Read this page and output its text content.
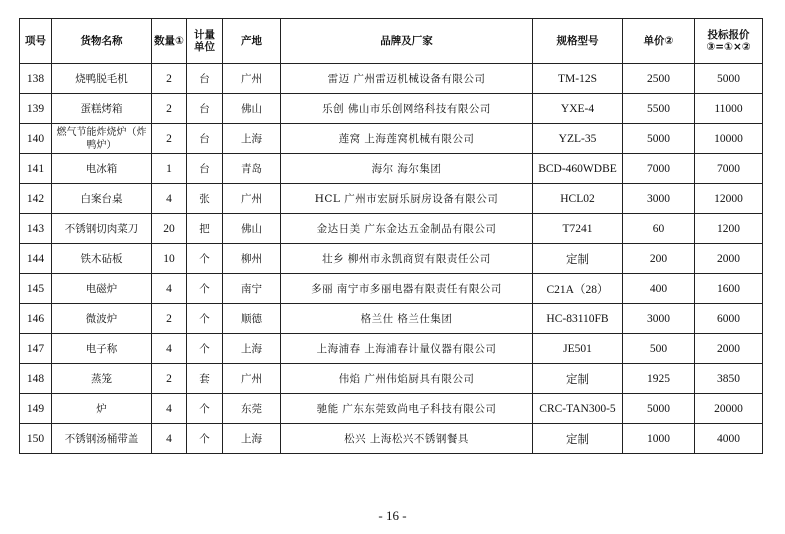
项号	货物名称	数量①	计量单位	产地	品牌及厂家	规格型号	单价②	投标报价③=①×②
138	烧鸭脱毛机	2	台	广州	雷迈 广州雷迈机械设备有限公司	TM-12S	2500	5000
139	蛋糕烤箱	2	台	佛山	乐创 佛山市乐创网络科技有限公司	YXE-4	5500	11000
140	燃气节能炸烧炉（炸鸭炉）	2	台	上海	莲窝 上海莲窝机械有限公司	YZL-35	5000	10000
141	电冰箱	1	台	青岛	海尔 海尔集团	BCD-460WDBE	7000	7000
142	白案台桌	4	张	广州	HCL 广州市宏厨乐厨房设备有限公司	HCL02	3000	12000
143	不锈钢切肉菜刀	20	把	佛山	金达日美 广东金达五金制品有限公司	T7241	60	1200
144	铁木砧板	10	个	柳州	壮乡 柳州市永凯商贸有限责任公司	定制	200	2000
145	电磁炉	4	个	南宁	多丽 南宁市多丽电器有限责任有限公司	C21A（28）	400	1600
146	微波炉	2	个	顺德	格兰仕 格兰仕集团	HC-83110FB	3000	6000
147	电子称	4	个	上海	上海浦春 上海浦春计量仪器有限公司	JE501	500	2000
148	蒸笼	2	套	广州	伟焰 广州伟焰厨具有限公司	定制	1925	3850
149	炉	4	个	东莞	驰能 广东东莞致尚电子科技有限公司	CRC-TAN300-5	5000	20000
150	不锈钢汤桶带盖	4	个	上海	松兴 上海松兴不锈钢餐具	定制	1000	4000
- 16 -
